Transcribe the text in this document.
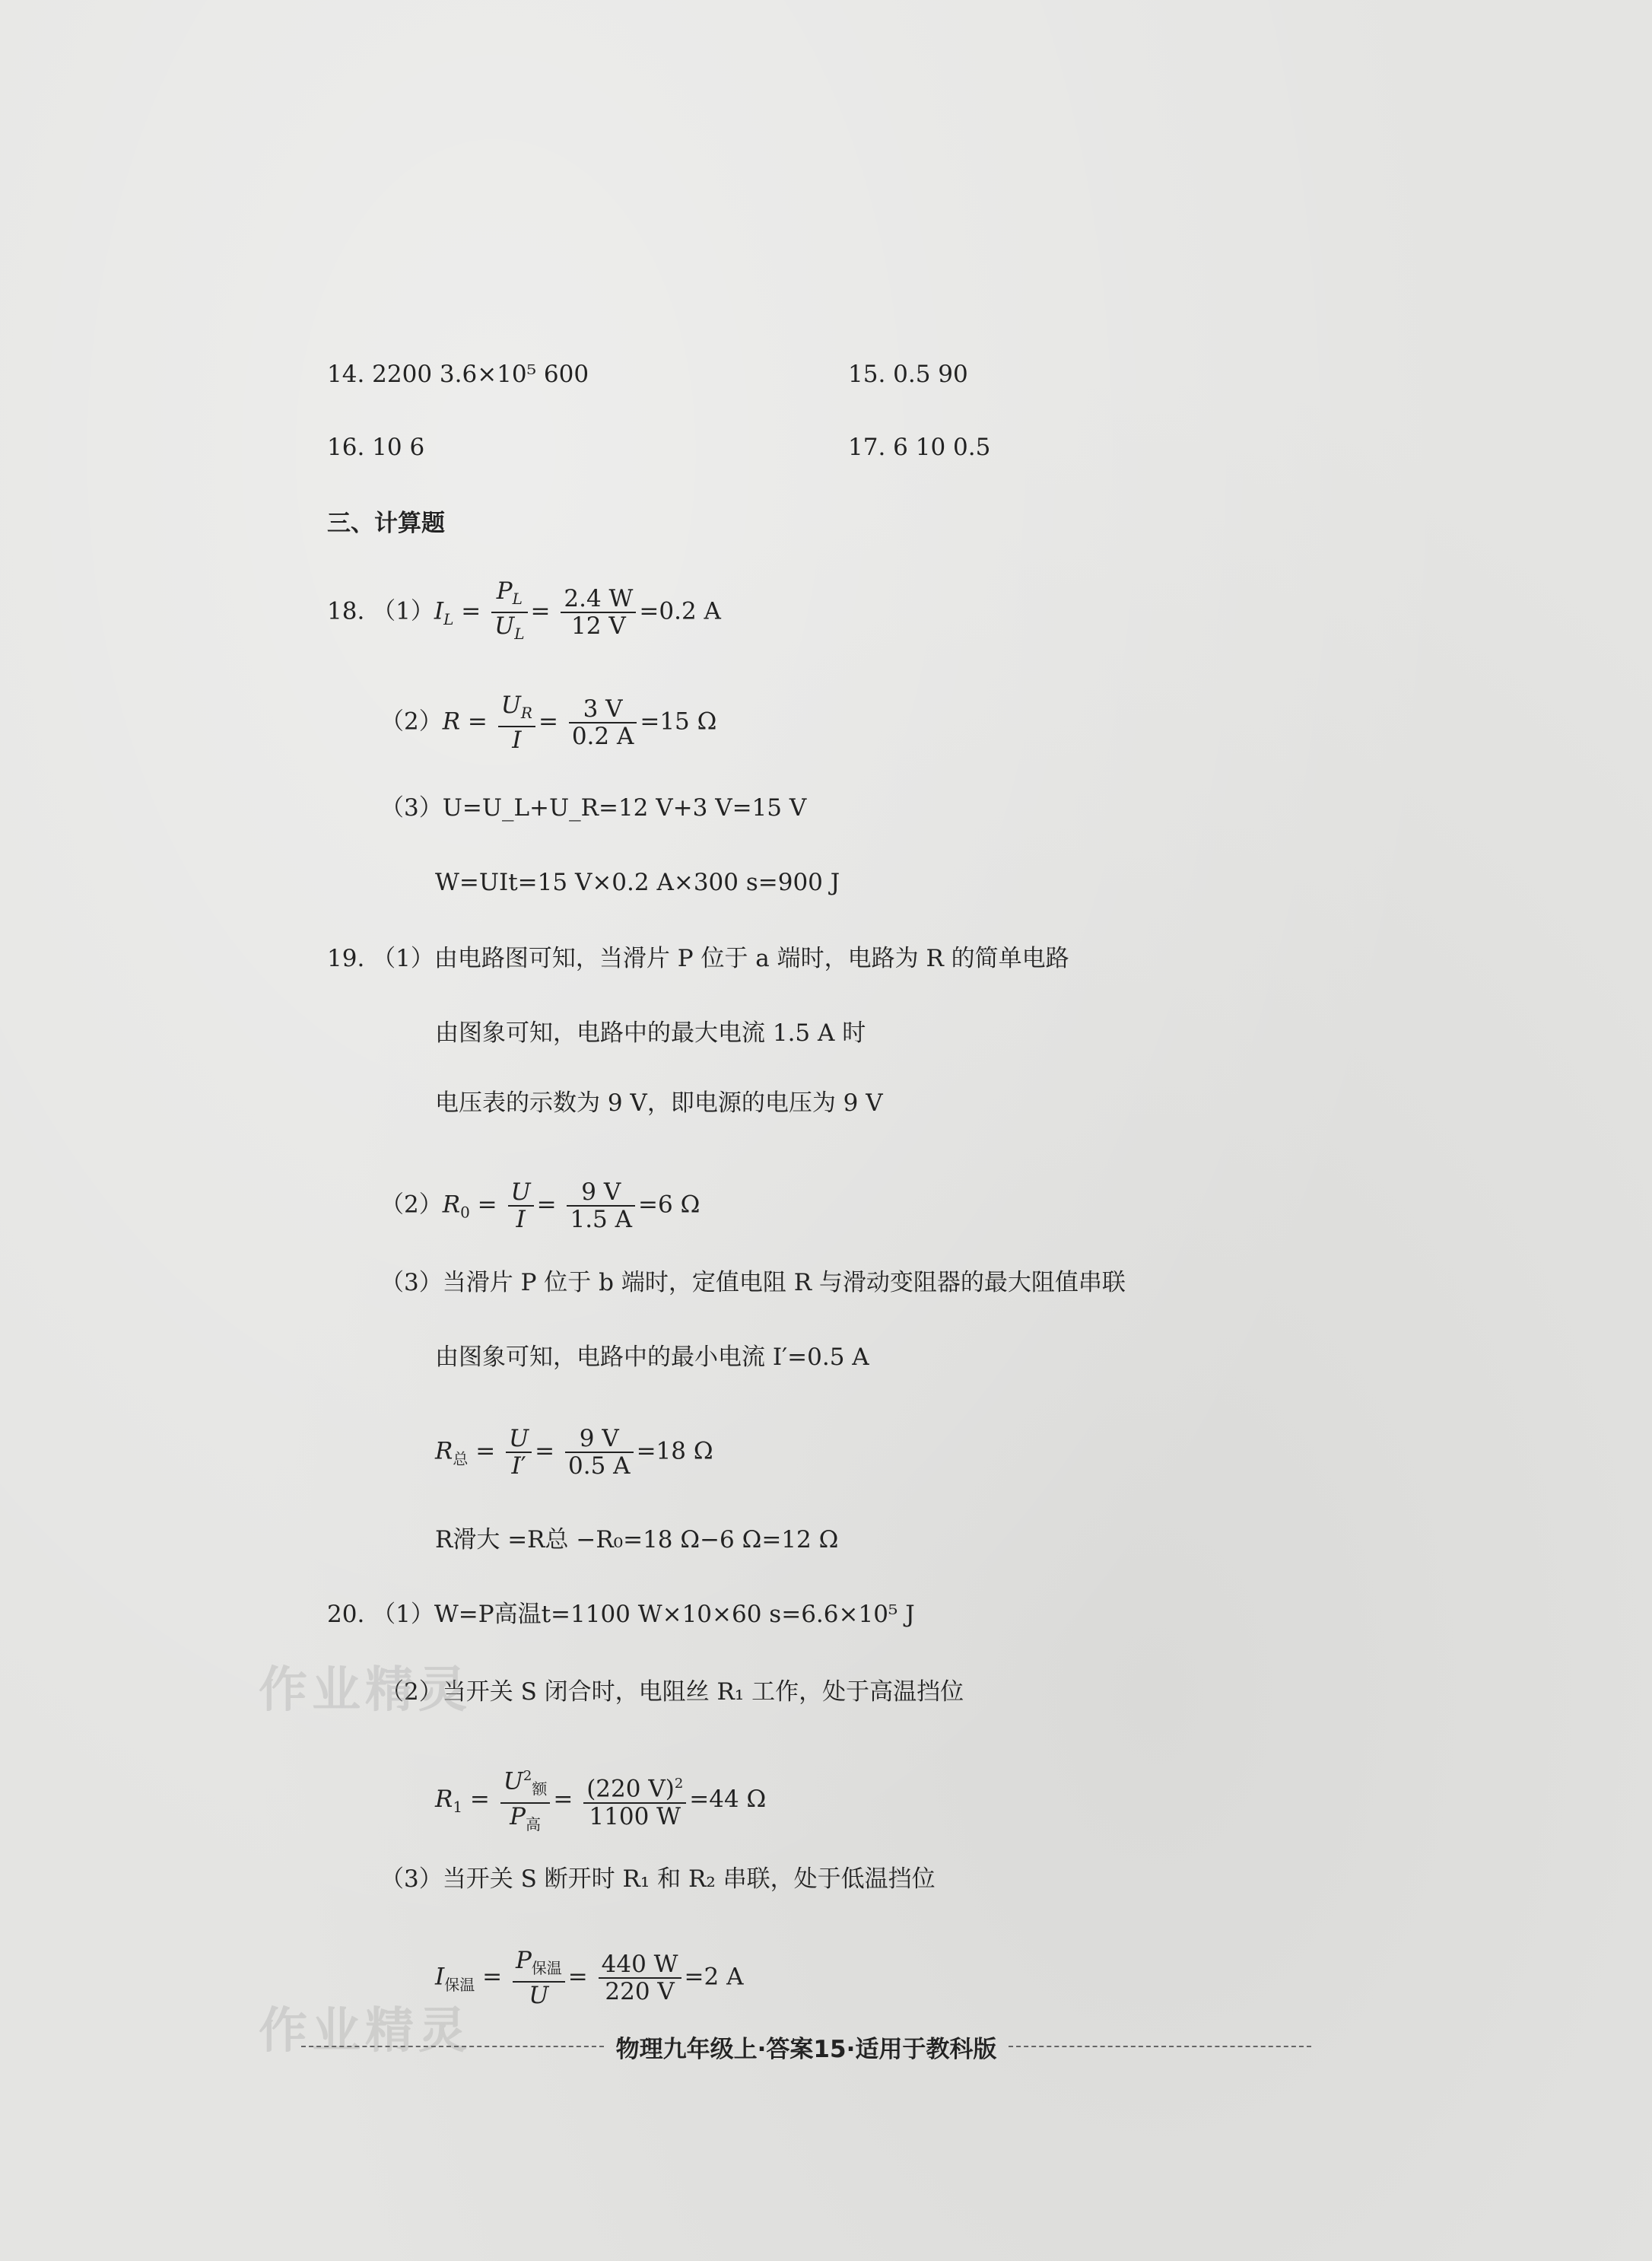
14. 2200 3.6×10⁵ 600	15. 0.5 90
16. 10 6	17. 6 10 0.5
三、计算题
18. $(1)I_L = \frac{P_L}{U_L} = \frac{2.4 W}{12 V} =0.2$ A
$(2)R = \frac{U_R}{I} = \frac{3 V}{0.2 A} =15$ Ω
（3）U=U_L+U_R=12 V+3 V=15 V
W=UIt=15 V×0.2 A×300 s=900 J
19. （1）由电路图可知，当滑片 P 位于 a 端时，电路为 R 的简单电路
由图象可知，电路中的最大电流 1.5 A 时
电压表的示数为 9 V，即电源的电压为 9 V
$(2)R_0 = \frac{U}{I} = \frac{9 V}{1.5 A} =6$ Ω
（3）当滑片 P 位于 b 端时，定值电阻 R 与滑动变阻器的最大阻值串联
由图象可知，电路中的最小电流 I′=0.5 A
$R_总 = \frac{U}{I'} = \frac{9 V}{0.5 A} =18$ Ω
R滑大 =R总 −R₀=18 Ω−6 Ω=12 Ω
20. （1）W=P高温t=1100 W×10×60 s=6.6×10⁵ J
（2）当开关 S 闭合时，电阻丝 R₁ 工作，处于高温挡位
$R_1 = \frac{U^2_额}{P_高} = \frac{(220 V)^2}{1100 W} =44$ Ω
（3）当开关 S 断开时 R₁ 和 R₂ 串联，处于低温挡位
$I_{保温} = \frac{P_{保温}}{U} = \frac{440 W}{220 V} =2$ A
作业精灵
作业精灵	物理九年级上·答案15·适用于教科版
